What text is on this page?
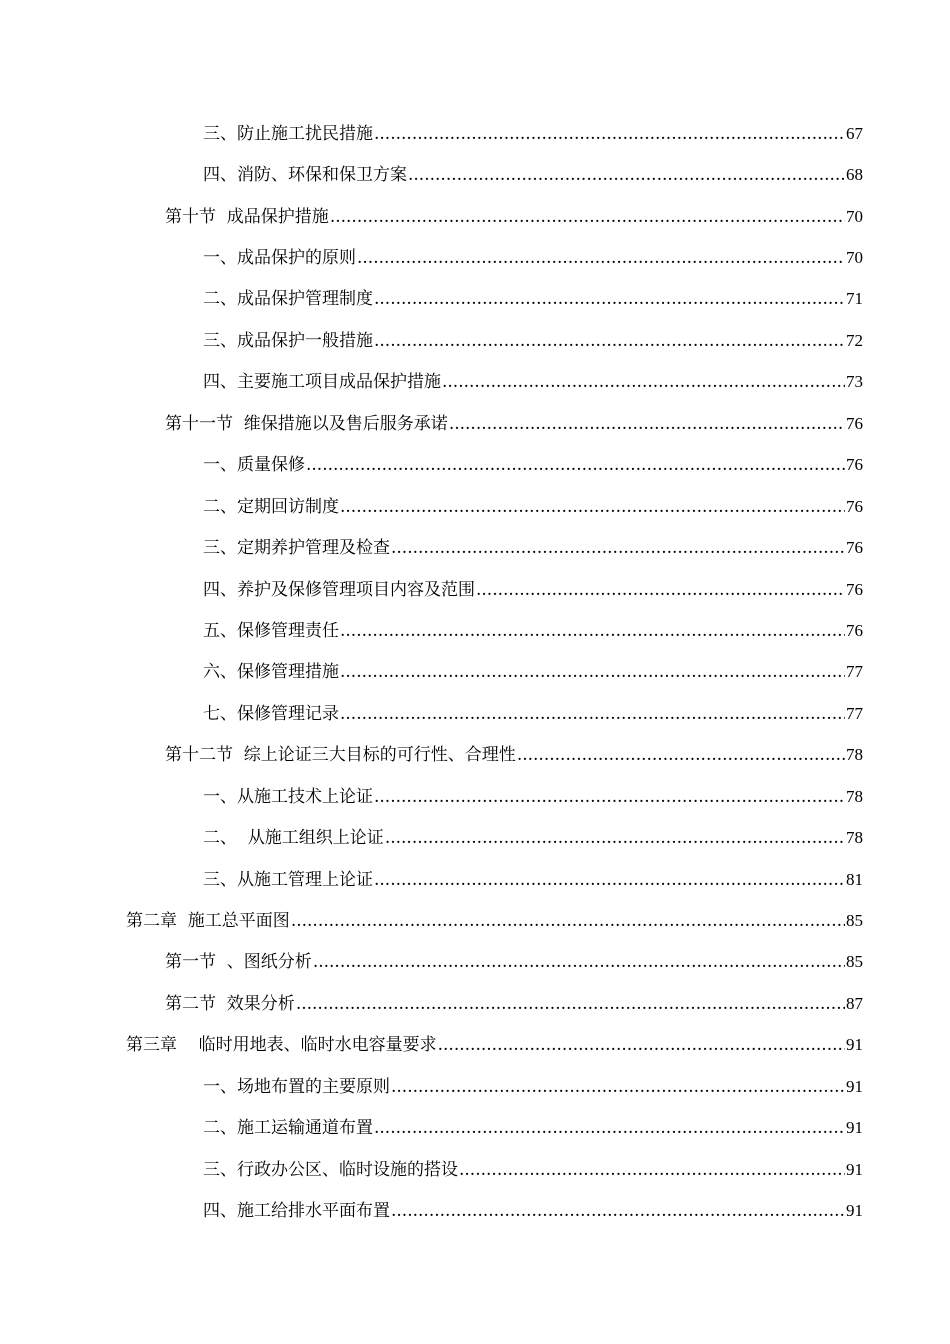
三、防止施工扰民措施 .....	67
四、消防、环保和保卫方案 .....	68
第十节  成品保护措施 .....	70
一、成品保护的原则 .....	70
二、成品保护管理制度 .....	71
三、成品保护一般措施 .....	72
四、主要施工项目成品保护措施 .....	73
第十一节  维保措施以及售后服务承诺 .....	76
一、质量保修 .....	76
二、定期回访制度 .....	76
三、定期养护管理及检查 .....	76
四、养护及保修管理项目内容及范围 .....	76
五、保修管理责任 .....	76
六、保修管理措施 .....	77
七、保修管理记录 .....	77
第十二节  综上论证三大目标的可行性、合理性 .....	78
一、从施工技术上论证 .....	78
二、  从施工组织上论证 .....	78
三、从施工管理上论证 .....	81
第二章  施工总平面图 .....	85
第一节  、图纸分析 .....	85
第二节  效果分析 .....	87
第三章    临时用地表、临时水电容量要求 .....	91
一、场地布置的主要原则 .....	91
二、施工运输通道布置 .....	91
三、行政办公区、临时设施的搭设 .....	91
四、施工给排水平面布置 .....	91
